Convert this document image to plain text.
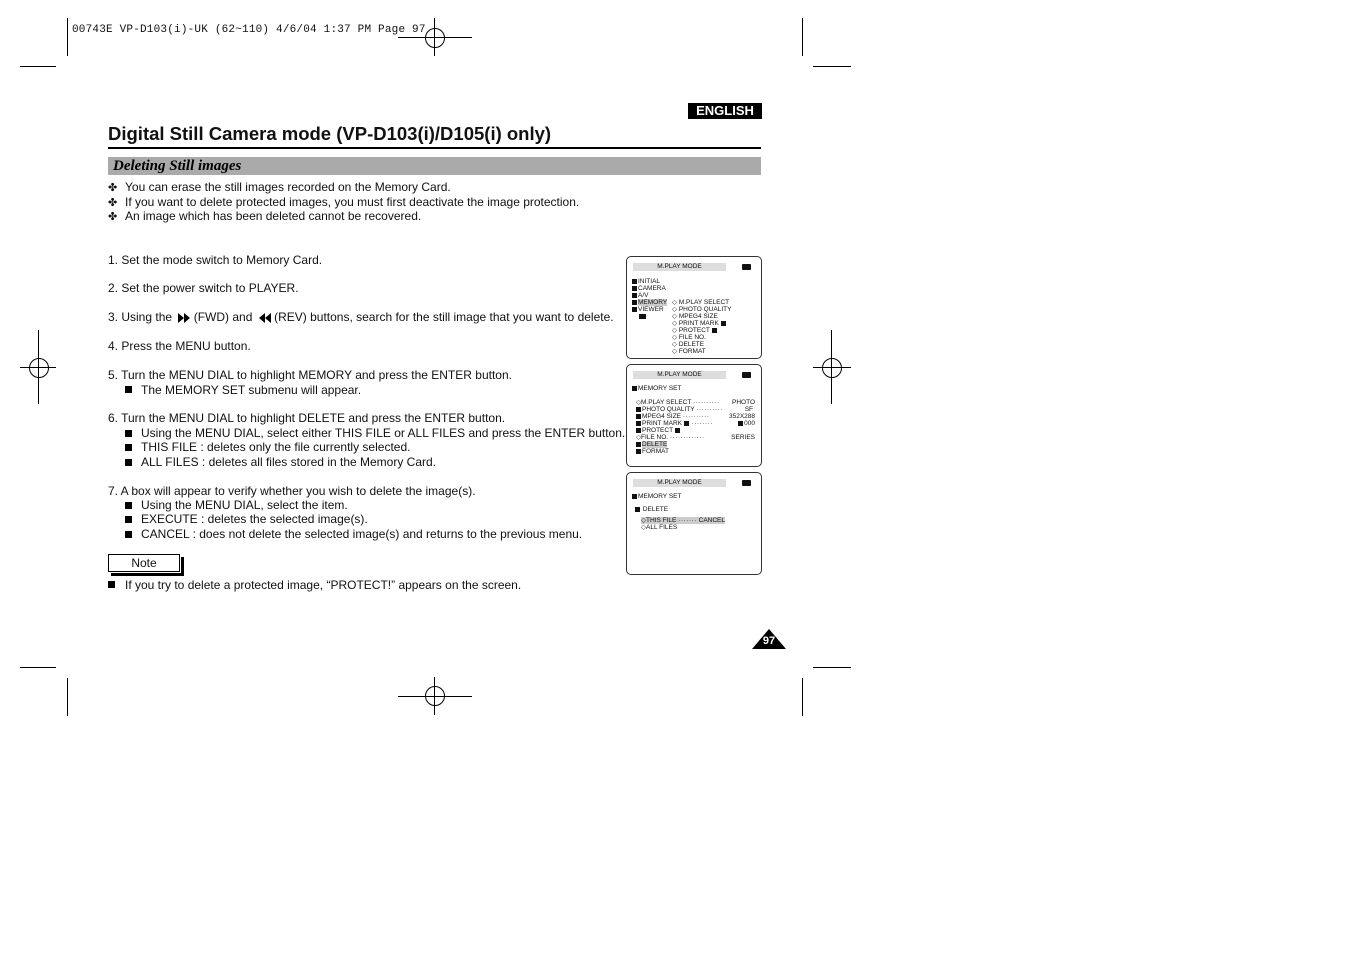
00743E VP-D103(i)-UK (62~110) 4/6/04 1:37 PM Page 97
ENGLISH
Digital Still Camera mode (VP-D103(i)/D105(i) only)
Deleting Still images
✤ You can erase the still images recorded on the Memory Card.
✤ If you want to delete protected images, you must first deactivate the image protection.
✤ An image which has been deleted cannot be recovered.
1. Set the mode switch to Memory Card.
2. Set the power switch to PLAYER.
3. Using the (FWD) and (REV) buttons, search for the still image that you want to delete.
4. Press the MENU button.
5. Turn the MENU DIAL to highlight MEMORY and press the ENTER button.
The MEMORY SET submenu will appear.
6. Turn the MENU DIAL to highlight DELETE and press the ENTER button.
Using the MENU DIAL, select either THIS FILE or ALL FILES and press the ENTER button.
THIS FILE : deletes only the file currently selected.
ALL FILES : deletes all files stored in the Memory Card.
7. A box will appear to verify whether you wish to delete the image(s).
Using the MENU DIAL, select the item.
EXECUTE : deletes the selected image(s).
CANCEL : does not delete the selected image(s) and returns to the previous menu.
Note
If you try to delete a protected image, “PROTECT!” appears on the screen.
97
M.PLAY MODE
INITIAL
CAMERA
A/V
MEMORY
VIEWER
◇ M.PLAY SELECT
◇ PHOTO QUALITY
◇ MPEG4 SIZE
◇ PRINT MARK
◇ PROTECT
◇ FILE NO.
◇ DELETE
◇ FORMAT
M.PLAY MODE
MEMORY SET
◇M.PLAY SELECT ·········· PHOTO
PHOTO QUALITY ··········	SF
MPEG4 SIZE ··········	352X288
PRINT MARK ········	000
PROTECT
◇FILE NO. ·············	SERIES
DELETE
FORMAT
M.PLAY MODE
MEMORY SET
DELETE
◇THIS FILE ······· CANCEL
◇ALL FILES
